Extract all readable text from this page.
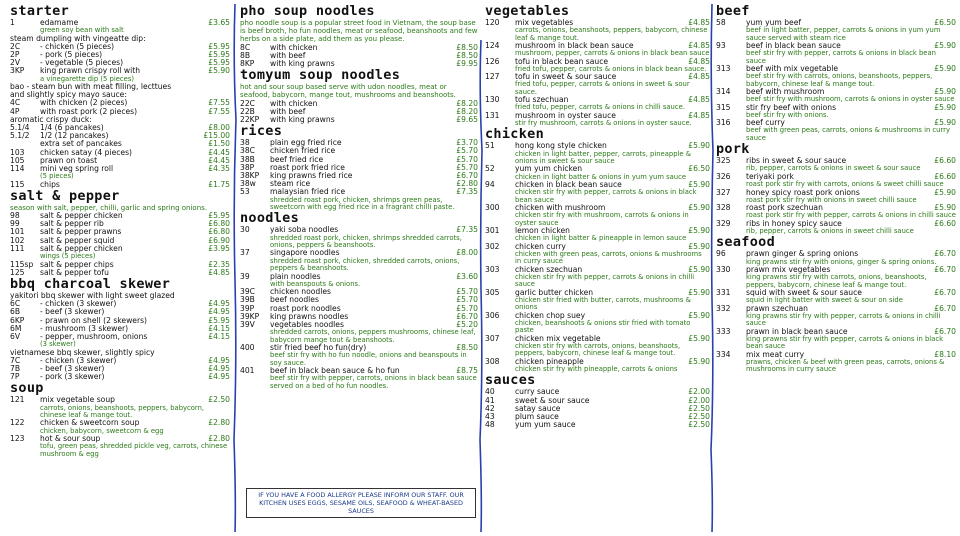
starter
1	edamame	£3.65
green soy bean with salt
steam dumpling with vingeatte dip:
2C	- chicken (5 pieces)	£5.95
2P	- pork (5 pieces)	£5.95
2V	- vegetable (5 pieces)	£5.95
3KP	king prawn crispy roll with	£5.90
a vinegarette dip (5 pieces)
bao - steam bun with meat filling, lecttues
and slightly spicy mayo sauce:
4C	with chicken (2 pieces)	£7.55
4P	with roast pork (2 pieces)	£7.55
aromatic crispy duck:
5.1/4	1/4 (6 pancakes)	£8.00
5.1/2	1/2 (12 pancakes)	£15.00
extra set of pancakes	£1.50
103	chicken satay (4 pieces)	£4.45
105	prawn on toast	£4.45
114	mini veg spring roll	£4.35
(5 pieces)
115	chips	£1.75
salt & pepper
season with salt, pepper, chilli, garlic and spring onions.
98	salt & pepper chicken	£5.95
99	salt & pepper rib	£6.80
101	salt & pepper prawns	£6.80
102	salt & pepper squid	£6.90
111	salt & pepper chicken	£3.95
wings (5 pieces)
115sp salt & pepper chips	£2.35
125	salt & pepper tofu	£4.85
bbq charcoal skewer
yakitori bbq skewer with light sweet glazed
6C	- chicken (3 skewer)	£4.95
6B	- beef (3 skewer)	£4.95
6KP	- prawn on shell (2 skewers)	£5.95
6M	- mushroom (3 skewer)	£4.15
6V	- pepper, mushroom, onions	£4.15
(3 skewer)
vietnamese bbq skewer, slightly spicy
7C	- chicken (3 skewer)	£4.95
7B	- beef (3 skewer)	£4.95
7P	- pork (3 skewer)	£4.95
soup
121	mix vegetable soup	£2.50
carrots, onions, beanshoots, peppers, babycorn, chinese leaf & mange tout.
122	chicken & sweetcorn soup	£2.80
chicken, babycorn, sweetcorn & egg
123	hot & sour soup	£2.80
tofu, green peas, shredded pickle veg, carrots, chinese mushroom & egg
pho soup noodles
pho noodle soup is a popular street food in Vietnam, the soup base is beef broth, ho fun noodles, meat or seafood, beanshoots and few herbs on a side plate, add them as you please.
8C	with chicken	£8.50
8B	with beef	£8.50
8KP	with king prawns	£9.95
tomyum soup noodles
hot and sour soup based serve with udon noodles, meat or seafood, babycorn, mange tout, mushrooms and beanshoots.
22C	with chicken	£8.20
22B	with beef	£8.20
22KP	with king prawns	£9.65
rices
38	plain egg fried rice	£3.70
38C	chicken fried rice	£5.70
38B	beef fried rice	£5.70
38P	roast pork fried rice	£5.70
38KP	king prawns fried rice	£6.70
38w	steam rice	£2.80
53	malaysian fried rice	£7.35
shredded roast pork, chicken, shrimps green peas, sweetcorn with egg fried rice in a fragrant chilli paste.
noodles
30	yaki soba noodles	£7.35
shredded roast pork, chicken, shrimps shredded carrots, onions, peppers & beanshoots.
37	singapore noodles	£8.00
shredded roast pork, chicken, shredded carrots, onions, peppers & beanshoots.
39	plain noodles	£3.60
with beanspouts & onions.
39C	chicken noodles	£5.70
39B	beef noodles	£5.70
39P	roast pork noodles	£5.70
39KP	king prawns noodles	£6.70
39V	vegetables noodles	£5.20
shredded carrots, onions, peppers mushrooms, chinese leaf, babycorn mange tout & beanshoots.
400	stir fried beef ho fun(dry)	£8.50
beef stir fry with ho fun noodle, onions and beanspouts in soy sauce.
401	beef in black bean sauce & ho fun	£8.75
beef stir fry with pepper, carrots, onions in black bean sauce served on a bed of ho fun noodles.
vegetables
120	mix vegetables	£4.85
carrots, onions, beanshoots, peppers, babycorn, chinese leaf & mange tout.
124	mushroom in black bean sauce	£4.85
mushroom, pepper, carrots & onions in black bean sauce
126	tofu in black bean sauce	£4.85
fried tofu, pepper, carrots & onions in black bean sauce.
127	tofu in sweet & sour sauce	£4.85
fried tofu, pepper, carrots & onions in sweet & sour sauce.
130	tofu szechuan	£4.85
fried tofu, pepper, carrots & onions in chilli sauce.
131	mushroom in oyster sauce	£4.85
stir fry mushroom, carrots & onions in oyster sauce.
chicken
51	hong kong style chicken	£5.90
chicken in light batter, pepper, carrots, pineapple & onions in sweet & sour sauce
52	yum yum chicken	£6.50
chicken in light batter & onions in yum yum sauce
94	chicken in black bean sauce	£5.90
chicken stir fry with pepper, carrots & onions in black bean sauce
300	chicken with mushroom	£5.90
chicken stir fry with mushroom, carrots & onions in oyster sauce
301	lemon chicken	£5.90
chicken in light batter & pineapple in lemon sauce
302	chicken curry	£5.90
chicken with green peas, carrots, onions & mushrooms in curry sauce
303	chicken szechuan	£5.90
chicken stir fry with pepper, carrots & onions in chilli sauce
305	garlic butter chicken	£5.90
chicken stir fried with butter, carrots, mushrooms & onions
306	chicken chop suey	£5.90
chicken, beanshoots & onions stir fried with tomato paste
307	chicken mix vegetable	£5.90
chicken stir fry with carrots, onions, beanshoots, peppers, babycorn, chinese leaf & mange tout.
308	chicken pineapple	£5.90
chicken stir fry with pineapple, carrots & onions
sauces
40	curry sauce	£2.00
41	sweet & sour sauce	£2.00
42	satay sauce	£2.50
43	plum sauce	£2.50
48	yum yum sauce	£2.50
beef
58	yum yum beef	£6.50
beef in light batter, pepper, carrots & onions in yum yum sauce served with steam rice
93	beef in black bean sauce	£5.90
beef stir fry with pepper, carrots & onions in black bean sauce
313	beef with mix vegetable	£5.90
beef stir fry with carrots, onions, beanshoots, peppers, babycorn, chinese leaf & mange tout.
314	beef with mushroom	£5.90
beef stir fry with mushroom, carrots & onions in oyster sauce
315	stir fry beef with onions	£5.90
beef stir fry with onions.
316	beef curry	£5.90
beef with green peas, carrots, onions & mushrooms in curry sauce
pork
325	ribs in sweet & sour sauce	£6.60
rib, pepper, carrots & onions in sweet & sour sauce
326	teriyaki pork	£6.60
roast pork stir fry with carrots, onions & sweet chilli sauce
327	honey spicy roast pork onions	£5.90
roast pork stir fry with onions in sweet chilli sauce
328	roast pork szechuan	£5.90
roast pork stir fry with pepper, carrots & onions in chilli sauce
329	ribs in honey spicy sauce	£6.60
rib, pepper, carrots & onions in sweet chilli sauce
seafood
96	prawn ginger & spring onions	£6.70
king prawns stir fry with onions, ginger & spring onions.
330	prawn mix vegetables	£6.70
king prawns stir fry with carrots, onions, beanshoots, peppers, babycorn, chinese leaf & mange tout.
331	squid with sweet & sour sauce	£6.70
squid in light batter with sweet & sour on side
332	prawn szechuan	£6.70
king prawns stir fry with pepper, carrots & onions in chilli sauce
333	prawn in black bean sauce	£6.70
king prawns stir fry with pepper, carrots & onions in black bean sauce
334	mix meat curry	£8.10
prawns, chicken & beef with green peas, carrots, onions & mushrooms in curry sauce
IF YOU HAVE A FOOD ALLERGY PLEASE INFORM OUR STAFF. OUR KITCHEN USES EGGS, SESAME OILS, SEAFOOD & WHEAT-BASED SAUCES
